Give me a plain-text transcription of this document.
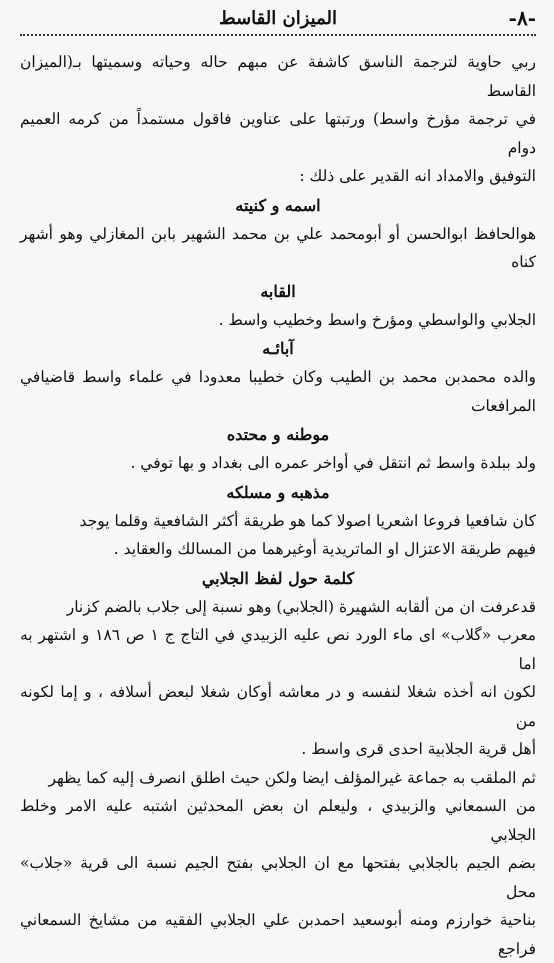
-٨-
الميزان القاسط

ربي حاوية لترجمة الناسق كاشفة عن مبهم حاله وحياته وسميتها بـ(الميزان القاسط

في ترجمة مؤرخ واسط) ورتبتها على عناوين فاقول مستمداً من كرمه العميم دوام

التوفيق والامداد انه القدير على ذلك :

اسمه و كنيته

هوالحافظ ابوالحسن أو أبومحمد علي بن محمد الشهير بابن المغازلي وهو أشهر كناه

القابه

الجلابي والواسطي ومؤرخ واسط وخطيب واسط .

آبائـه

والده محمدبن محمد بن الطيب وكان خطيبا معدودا في علماء واسط قاضيافي المرافعات

موطنه و محتده

ولد ببلدة واسط ثم انتقل في أواخر عمره الى بغداد و بها توفي .

مذهبه و مسلكه

كان شافعيا فروعا اشعريا اصولا كما هو طريقة أكثر الشافعية وقلما يوجد

فيهم طريقة الاعتزال او الماتريدية أوغيرهما من المسالك والعقايد .

كلمة حول لفظ الجلابي

قدعرفت ان من ألقابه الشهيرة (الجلابي) وهو نسبة إلى جلاب بالضم كزنار

معرب «گلاب» اى ماء الورد نص عليه الزبيدي في التاج ج ١ ص ١٨٦ و اشتهر به اما

لكون انه أخذه شغلا لنفسه و در معاشه أوكان شغلا لبعض أسلافه ، و إما لكونه من

أهل قرية الجلابية احدى قرى واسط .

ثم الملقب به جماعة غيرالمؤلف ايضا ولكن حيث اطلق انصرف إليه كما يظهر

من السمعاني والزبيدي ، وليعلم ان بعض المحدثين اشتبه عليه الامر وخلط الجلابي

بضم الجيم بالجلابي بفتحها مع ان الجلابي بفتح الجيم نسبة الى قرية «جلاب» محل

بناحية خوارزم ومنه أبوسعيد احمدبن علي الجلابي الفقيه من مشايخ السمعاني فراجع
